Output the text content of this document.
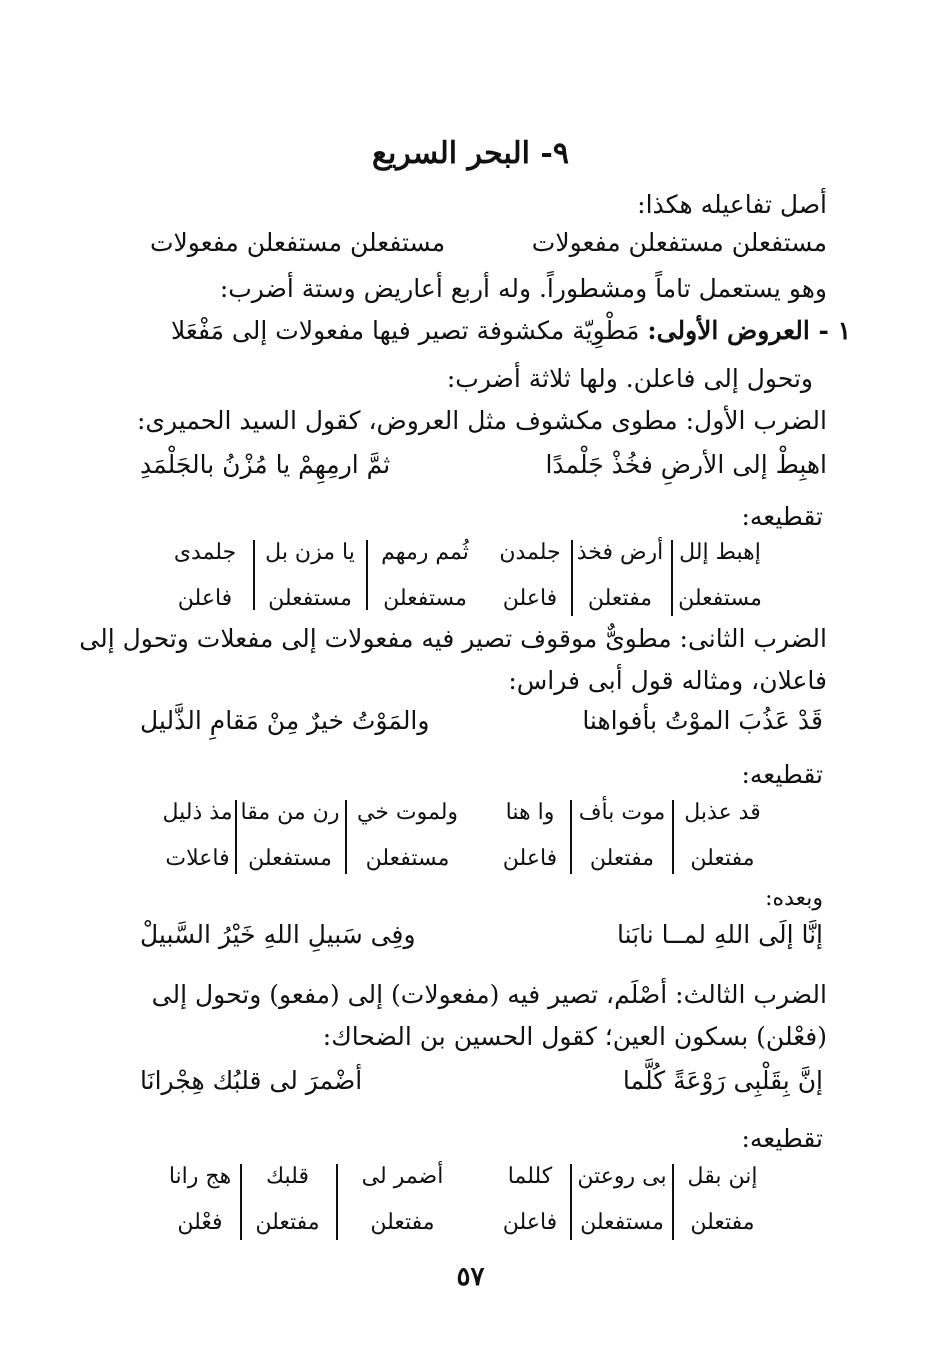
٩- البحر السريع
أصل تفاعيله هكذا:
مستفعلن مستفعلن مفعولات
مستفعلن مستفعلن مفعولات
وهو يستعمل تاماً ومشطوراً. وله أربع أعاريض وستة أضرب:
١ - العروض الأولى: مَطْوِيّة مكشوفة تصير فيها مفعولات إلى مَفْعَلا
وتحول إلى فاعلن. ولها ثلاثة أضرب:
الضرب الأول: مطوى مكشوف مثل العروض، كقول السيد الحميرى:
اهبِطْ إلى الأرضِ فخُذْ جَلْمدًا
ثمَّ ارمِهِمْ يا مُزْنُ بالجَلْمَدِ
تقطيعه:
إهبط إلل
أرض فخذ
جلمدن
ثُمم رمهم
يا مزن بل
جلمدى
مستفعلن
مفتعلن
فاعلن
مستفعلن
مستفعلن
فاعلن
الضرب الثانى: مطوىٌّ موقوف تصير فيه مفعولات إلى مفعلات وتحول إلى
فاعلان، ومثاله قول أبى فراس:
قَدْ عَذُبَ الموْتُ بأفواهنا
والمَوْتُ خيرٌ مِنْ مَقامِ الذَّليل
تقطيعه:
قد عذبل
موت بأف
وا هنا
ولموت خي
رن من مقا
مذ ذليل
مفتعلن
مفتعلن
فاعلن
مستفعلن
مستفعلن
فاعلات
وبعده:
إنَّا إلَى اللهِ لمــا نابَنا
وفِى سَبيلِ اللهِ خَيْرُ السَّبيلْ
الضرب الثالث: أصْلَم، تصير فيه (مفعولات) إلى (مفعو) وتحول إلى
(فعْلن) بسكون العين؛ كقول الحسين بن الضحاك:
إنَّ بِقَلْبِى رَوْعَةً كُلَّما
أضْمرَ لى قلبُك هِجْرانَا
تقطيعه:
إنن بقل
بى روعتن
كللما
أضمر لى
قلبك
هج رانا
مفتعلن
مستفعلن
فاعلن
مفتعلن
مفتعلن
فعْلن
٥٧
